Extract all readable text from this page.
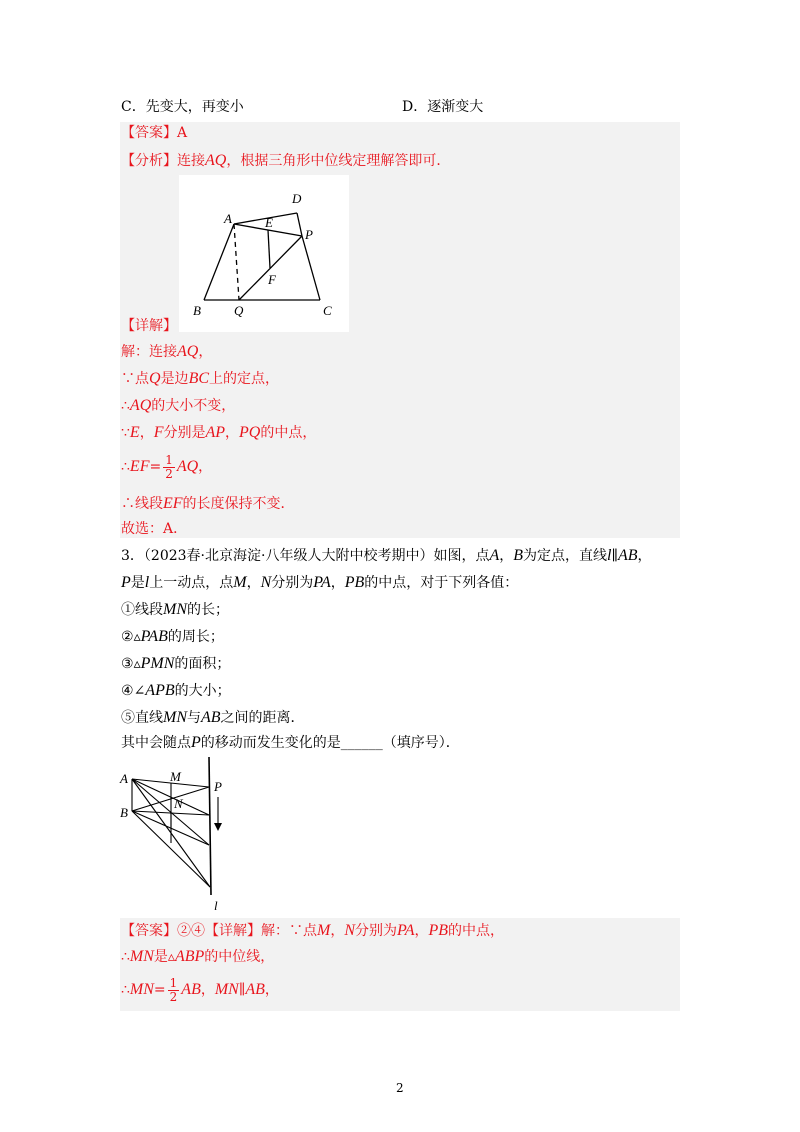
C．先变大，再变小	D．逐渐变大
【答案】A
【分析】连接AQ，根据三角形中位线定理解答即可．
A
B	C
D
E
F
P
Q
【详解】
解：连接AQ，
∵点Q是边BC上的定点，
∴AQ的大小不变，
∵E，F分别是AP，PQ的中点，
∴EF= $\frac{1}{2}$ AQ，
∴线段EF的长度保持不变．
故选：A．
3．（2023春·北京海淀·八年级人大附中校考期中）如图，点A，B为定点，直线l∥AB，
P是l上一动点，点M，N分别为PA，PB的中点，对于下列各值：
①线段MN的长；
②▵PAB的周长；
③▵PMN的面积；
④∠APB的大小；
⑤直线MN与AB之间的距离．
其中会随点P的移动而发生变化的是______（填序号）．
A
B
M
N
P
l
【答案】②④【详解】解：∵点M，N分别为PA，PB的中点，
∴MN是▵ABP的中位线，
∴MN= $\frac{1}{2}$ AB，MN∥AB，
2
